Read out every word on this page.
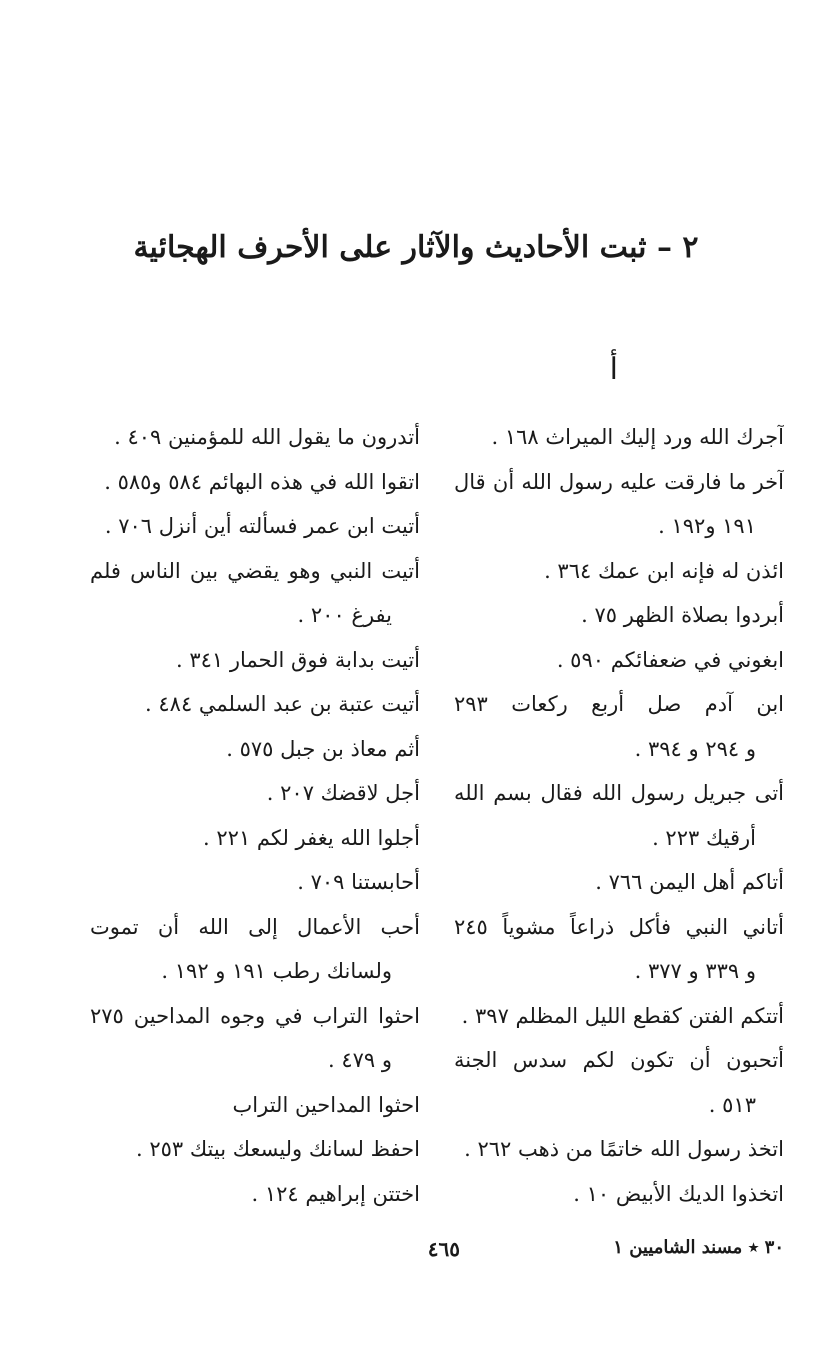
٢ – ثبت الأحاديث والآثار على الأحرف الهجائية
أ
آجرك الله ورد إليك الميراث ١٦٨ .
آخر ما فارقت عليه رسول الله أن قال
١٩١ و١٩٢ .
ائذن له فإنه ابن عمك ٣٦٤ .
أبردوا بصلاة الظهر ٧٥ .
ابغوني في ضعفائكم ٥٩٠ .
ابن آدم صل أربع ركعات ٢٩٣
و ٢٩٤ و ٣٩٤ .
أتى جبريل رسول الله فقال بسم الله
أرقيك ٢٢٣ .
أتاكم أهل اليمن ٧٦٦ .
أتاني النبي فأكل ذراعاً مشوياً ٢٤٥
و ٣٣٩ و ٣٧٧ .
أتتكم الفتن كقطع الليل المظلم ٣٩٧ .
أتحبون أن تكون لكم سدس الجنة
٥١٣ .
اتخذ رسول الله خاتمًا من ذهب ٢٦٢ .
اتخذوا الديك الأبيض ١٠ .
أتدرون ما يقول الله للمؤمنين ٤٠٩ .
اتقوا الله في هذه البهائم ٥٨٤ و٥٨٥ .
أتيت ابن عمر فسألته أين أنزل ٧٠٦ .
أتيت النبي وهو يقضي بين الناس فلم
يفرغ ٢٠٠ .
أتيت بدابة فوق الحمار ٣٤١ .
أتيت عتبة بن عبد السلمي ٤٨٤ .
أثم معاذ بن جبل ٥٧٥ .
أجل لاقضك ٢٠٧ .
أجلوا الله يغفر لكم ٢٢١ .
أحابستنا ٧٠٩ .
أحب الأعمال إلى الله أن تموت
ولسانك رطب ١٩١ و ١٩٢ .
احثوا التراب في وجوه المداحين ٢٧٥
و ٤٧٩ .
احثوا المداحين التراب
احفظ لسانك وليسعك بيتك ٢٥٣ .
اختتن إبراهيم ١٢٤ .
٣٠ ٭ مسند الشاميين ١
٤٦٥
